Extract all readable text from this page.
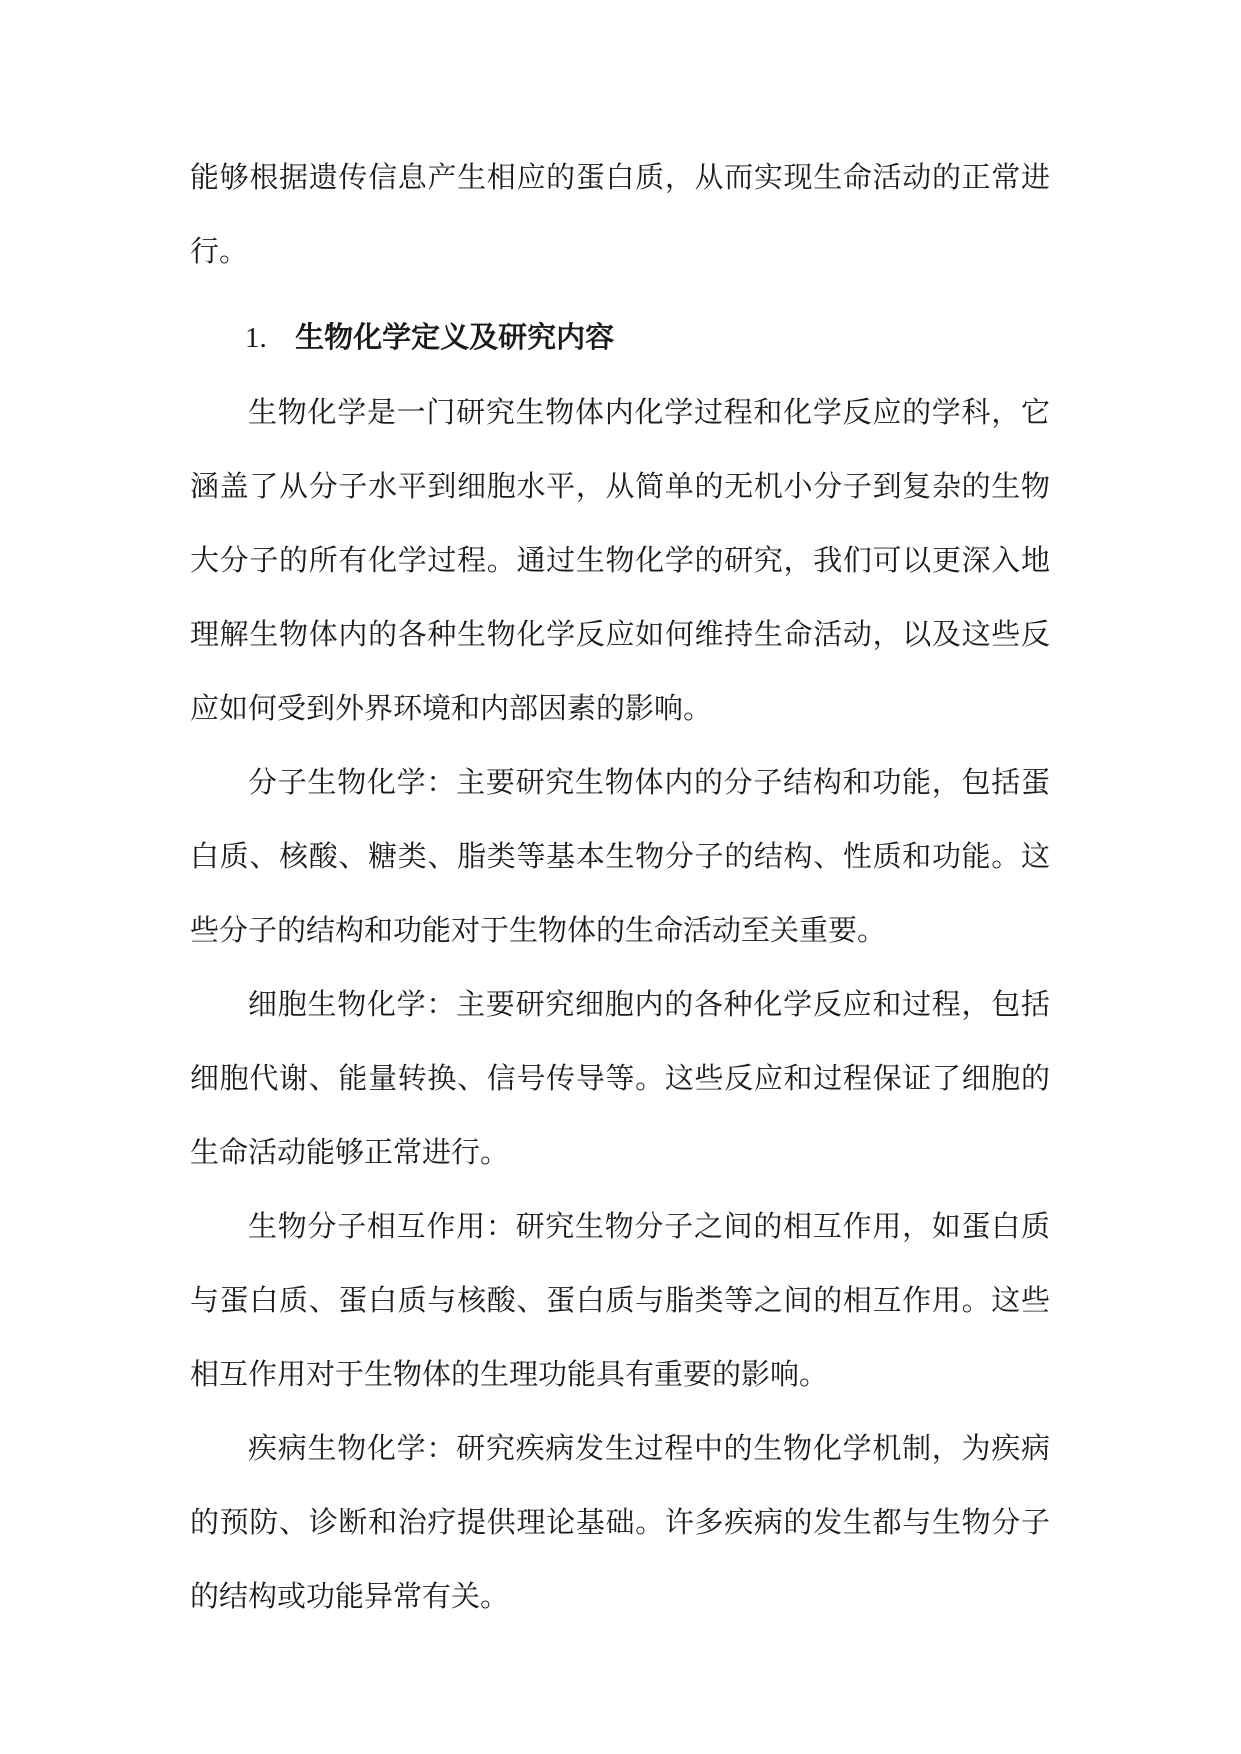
能够根据遗传信息产生相应的蛋白质，从而实现生命活动的正常进行。

1. 生物化学定义及研究内容

生物化学是一门研究生物体内化学过程和化学反应的学科，它涵盖了从分子水平到细胞水平，从简单的无机小分子到复杂的生物大分子的所有化学过程。通过生物化学的研究，我们可以更深入地理解生物体内的各种生物化学反应如何维持生命活动，以及这些反应如何受到外界环境和内部因素的影响。

分子生物化学：主要研究生物体内的分子结构和功能，包括蛋白质、核酸、糖类、脂类等基本生物分子的结构、性质和功能。这些分子的结构和功能对于生物体的生命活动至关重要。

细胞生物化学：主要研究细胞内的各种化学反应和过程，包括细胞代谢、能量转换、信号传导等。这些反应和过程保证了细胞的生命活动能够正常进行。

生物分子相互作用：研究生物分子之间的相互作用，如蛋白质与蛋白质、蛋白质与核酸、蛋白质与脂类等之间的相互作用。这些相互作用对于生物体的生理功能具有重要的影响。

疾病生物化学：研究疾病发生过程中的生物化学机制，为疾病的预防、诊断和治疗提供理论基础。许多疾病的发生都与生物分子的结构或功能异常有关。
